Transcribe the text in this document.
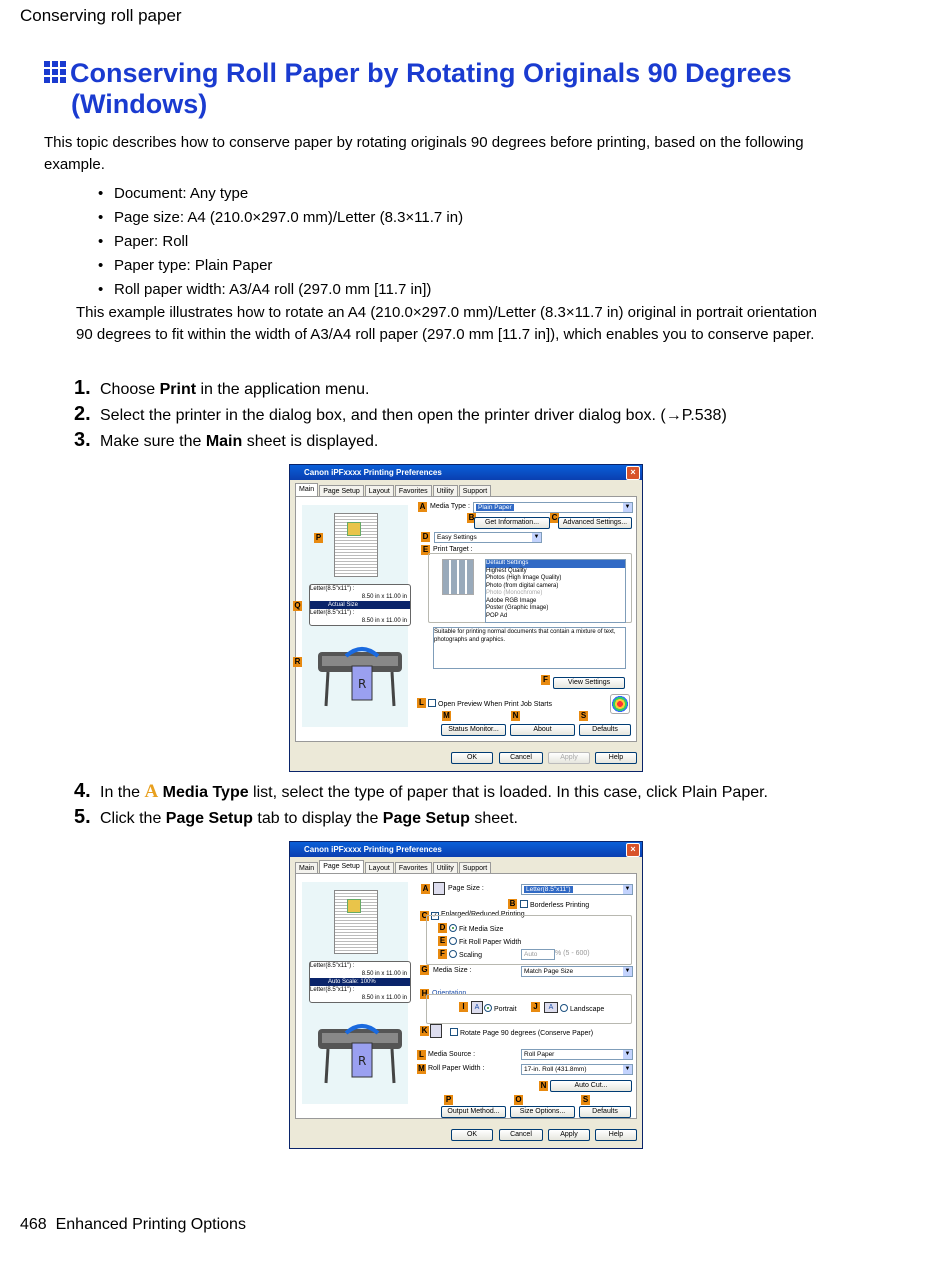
Conserving roll paper
Conserving Roll Paper by Rotating Originals 90 Degrees
(Windows)
This topic describes how to conserve paper by rotating originals 90 degrees before printing, based on the following example.
• Document: Any type
• Page size: A4 (210.0×297.0 mm)/Letter (8.3×11.7 in)
• Paper: Roll
• Paper type: Plain Paper
• Roll paper width: A3/A4 roll (297.0 mm [11.7 in])
This example illustrates how to rotate an A4 (210.0×297.0 mm)/Letter (8.3×11.7 in) original in portrait orientation 90 degrees to fit within the width of A3/A4 roll paper (297.0 mm [11.7 in]), which enables you to conserve paper.
1. Choose Print in the application menu.
2. Select the printer in the dialog box, and then open the printer driver dialog box. (→P.538)
3. Make sure the Main sheet is displayed.
Canon iPFxxxx Printing Preferences	×
Main	Page Setup	Layout	Favorites	Utility	Support
Letter(8.5"x11") :
8.50 in x 11.00 in
Actual Size
Letter(8.5"x11") :
8.50 in x 11.00 in
R
P
Q
R
A Media Type :	Plain Paper	▼
B
Get Information...
C
Advanced Settings...
D	Easy Settings	▼
E Print Target :
Default Settings
Highest Quality
Photos (High Image Quality)
Photo (from digital camera)
Photo (Monochrome)
Adobe RGB Image
Poster (Graphic Image)
POP Ad
Suitable for printing normal documents that contain a mixture of text, photographs and graphics.
F	View Settings
L	Open Preview When Print Job Starts
M	N	S
Status Monitor...	About	Defaults
OK	Cancel	Apply	Help
4. In the A Media Type list, select the type of paper that is loaded. In this case, click Plain Paper.
5. Click the Page Setup tab to display the Page Setup sheet.
Canon iPFxxxx Printing Preferences	×
Main	Page Setup	Layout	Favorites	Utility	Support
Letter(8.5"x11") :
8.50 in x 11.00 in
Auto Scale: 100%
Letter(8.5"x11") :
8.50 in x 11.00 in
R
A	Page Size :	Letter(8.5"x11")	▼
B	Borderless Printing
C ✓ Enlarged/Reduced Printing
D	Fit Media Size
E	Fit Roll Paper Width
F	Scaling	Auto	% (5 - 600)
G Media Size :	Match Page Size	▼
H Orientation
I	A	Portrait J	A	Landscape
K	Rotate Page 90 degrees (Conserve Paper)
L Media Source :	Roll Paper	▼
M Roll Paper Width :	17-in. Roll (431.8mm)	▼
N	Auto Cut...
P	O	S
Output Method...	Size Options...	Defaults
OK	Cancel	Apply	Help
468 Enhanced Printing Options
